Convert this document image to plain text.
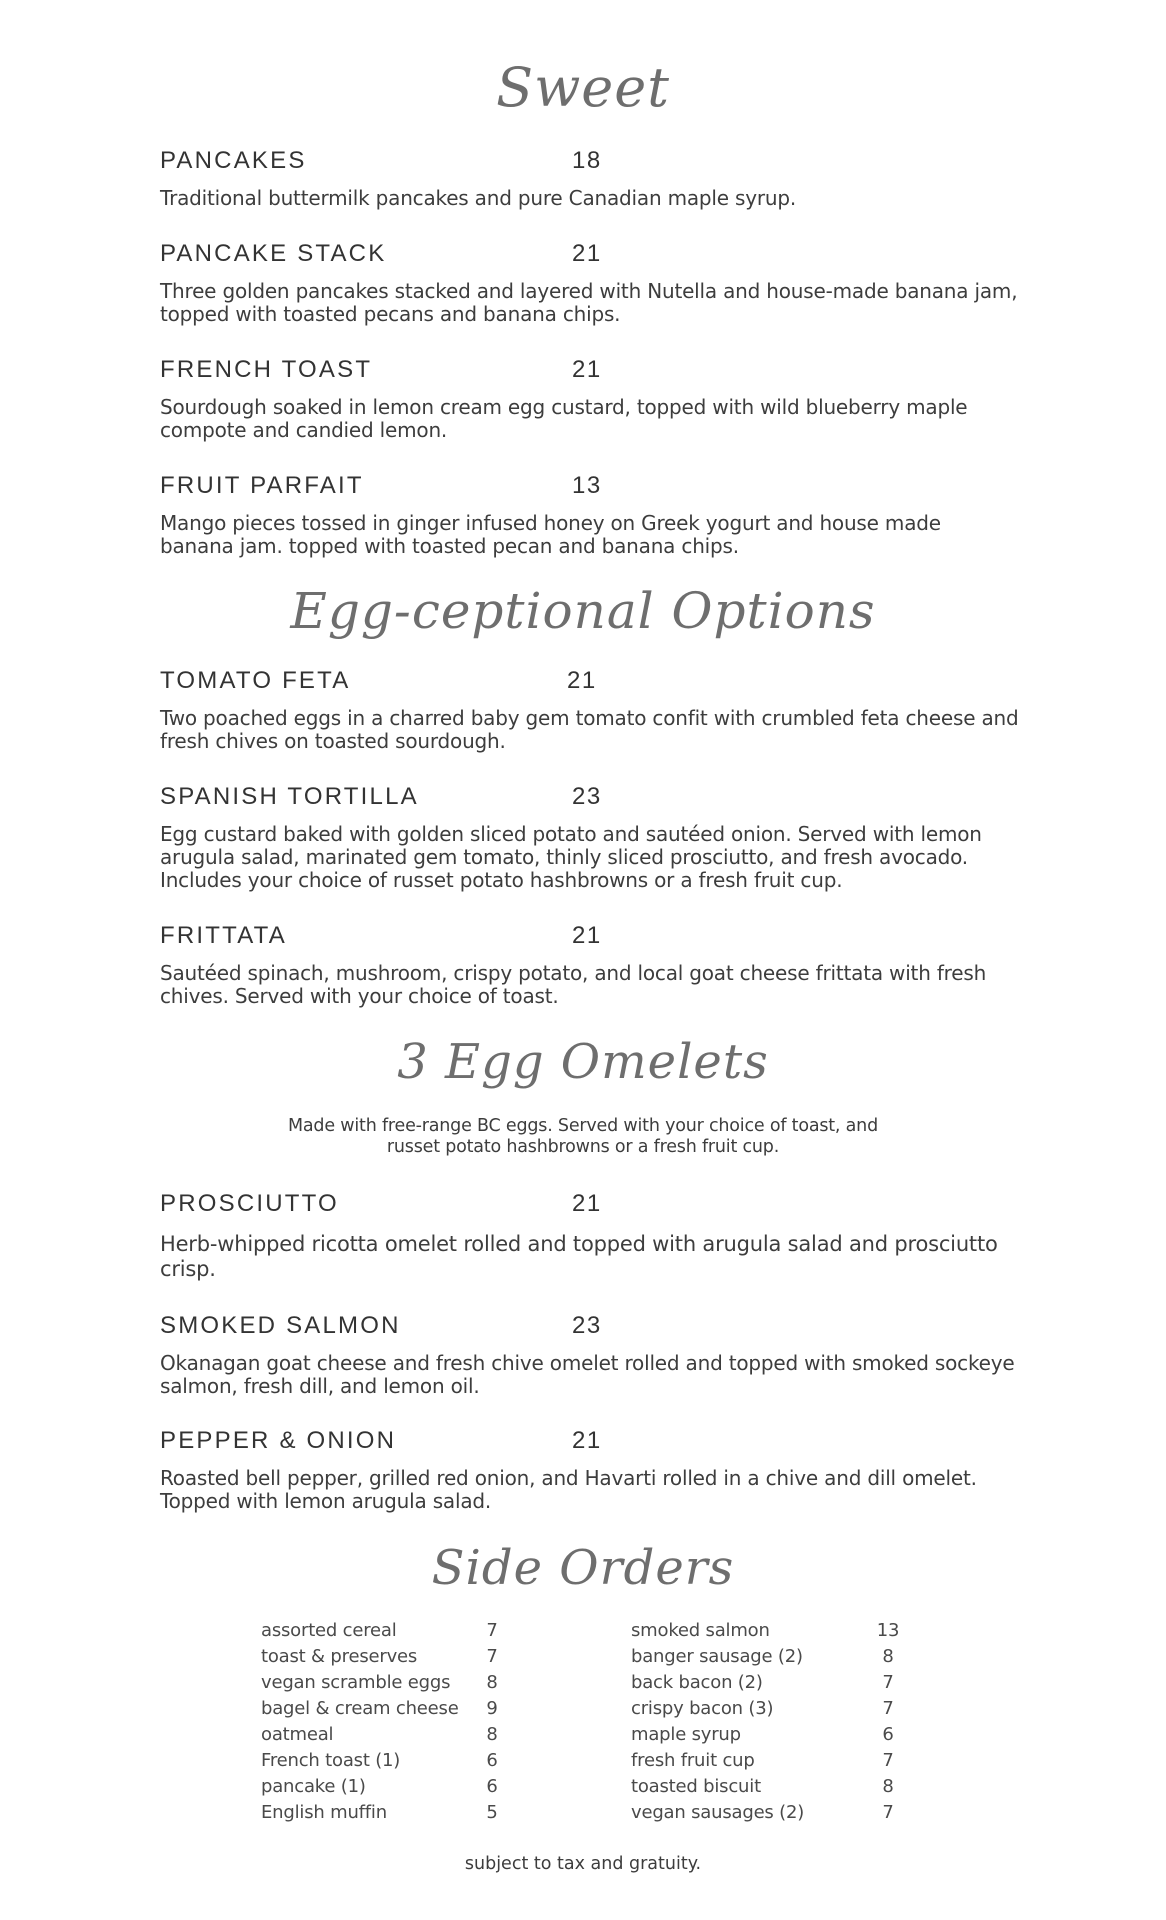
Sweet
PANCAKES	18

Traditional buttermilk pancakes and pure Canadian maple syrup.

PANCAKE STACK	21

Three golden pancakes stacked and layered with Nutella and house-made banana jam, topped with toasted pecans and banana chips.

FRENCH TOAST	21

Sourdough soaked in lemon cream egg custard, topped with wild blueberry maple compote and candied lemon.

FRUIT PARFAIT	13

Mango pieces tossed in ginger infused honey on Greek yogurt and house made banana jam. topped with toasted pecan and banana chips.

Egg-ceptional Options
TOMATO FETA	21

Two poached eggs in a charred baby gem tomato confit with crumbled feta cheese and fresh chives on toasted sourdough.

SPANISH TORTILLA	23

Egg custard baked with golden sliced potato and sautéed onion. Served with lemon arugula salad, marinated gem tomato, thinly sliced prosciutto, and fresh avocado. Includes your choice of russet potato hashbrowns or a fresh fruit cup.

FRITTATA	21

Sautéed spinach, mushroom, crispy potato, and local goat cheese frittata with fresh chives. Served with your choice of toast.

3 Egg Omelets
Made with free-range BC eggs. Served with your choice of toast, and russet potato hashbrowns or a fresh fruit cup.
PROSCIUTTO	21

Herb-whipped ricotta omelet rolled and topped with arugula salad and prosciutto crisp.

SMOKED SALMON	23

Okanagan goat cheese and fresh chive omelet rolled and topped with smoked sockeye salmon, fresh dill, and lemon oil.

PEPPER & ONION	21

Roasted bell pepper, grilled red onion, and Havarti rolled in a chive and dill omelet. Topped with lemon arugula salad.

Side Orders
assorted cereal	7
toast & preserves	7
vegan scramble eggs	8
bagel & cream cheese	9
oatmeal	8
French toast (1)	6
pancake (1)	6
English muffin	5
smoked salmon	13
banger sausage (2)	8
back bacon (2)	7
crispy bacon (3)	7
maple syrup	6
fresh fruit cup	7
toasted biscuit	8
vegan sausages (2)	7
subject to tax and gratuity.
